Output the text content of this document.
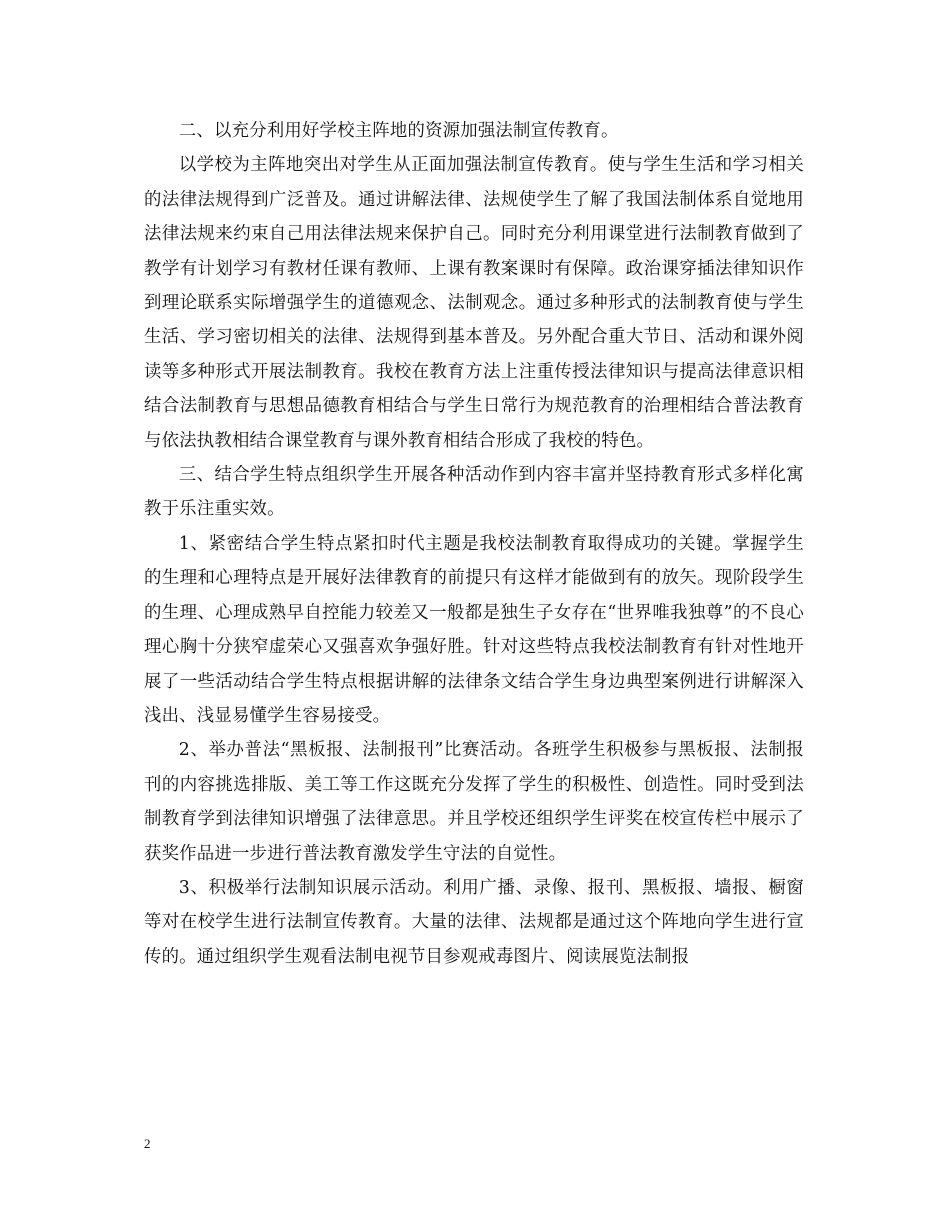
二、以充分利用好学校主阵地的资源加强法制宣传教育。

以学校为主阵地突出对学生从正面加强法制宣传教育。使与学生生活和学习相关的法律法规得到广泛普及。通过讲解法律、法规使学生了解了我国法制体系自觉地用法律法规来约束自己用法律法规来保护自己。同时充分利用课堂进行法制教育做到了教学有计划学习有教材任课有教师、上课有教案课时有保障。政治课穿插法律知识作到理论联系实际增强学生的道德观念、法制观念。通过多种形式的法制教育使与学生生活、学习密切相关的法律、法规得到基本普及。另外配合重大节日、活动和课外阅读等多种形式开展法制教育。我校在教育方法上注重传授法律知识与提高法律意识相结合法制教育与思想品德教育相结合与学生日常行为规范教育的治理相结合普法教育与依法执教相结合课堂教育与课外教育相结合形成了我校的特色。

三、结合学生特点组织学生开展各种活动作到内容丰富并坚持教育形式多样化寓教于乐注重实效。

1、紧密结合学生特点紧扣时代主题是我校法制教育取得成功的关键。掌握学生的生理和心理特点是开展好法律教育的前提只有这样才能做到有的放矢。现阶段学生的生理、心理成熟早自控能力较差又一般都是独生子女存在“世界唯我独尊”的不良心理心胸十分狭窄虚荣心又强喜欢争强好胜。针对这些特点我校法制教育有针对性地开展了一些活动结合学生特点根据讲解的法律条文结合学生身边典型案例进行讲解深入浅出、浅显易懂学生容易接受。

2、举办普法“黑板报、法制报刊”比赛活动。各班学生积极参与黑板报、法制报刊的内容挑选排版、美工等工作这既充分发挥了学生的积极性、创造性。同时受到法制教育学到法律知识增强了法律意思。并且学校还组织学生评奖在校宣传栏中展示了获奖作品进一步进行普法教育激发学生守法的自觉性。

3、积极举行法制知识展示活动。利用广播、录像、报刊、黑板报、墙报、橱窗等对在校学生进行法制宣传教育。大量的法律、法规都是通过这个阵地向学生进行宣传的。通过组织学生观看法制电视节目参观戒毒图片、阅读展览法制报

2
